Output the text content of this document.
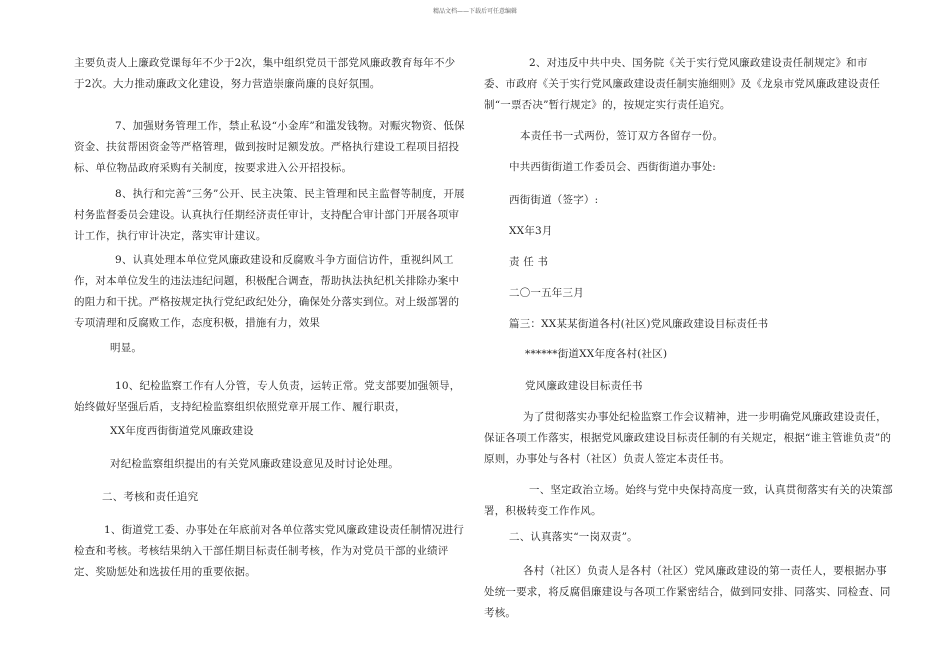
精品文档——下载后可任意编辑

主要负责人上廉政党课每年不少于2次，集中组织党员干部党风廉政教育每年不少于2次。大力推动廉政文化建设，努力营造崇廉尚廉的良好氛围。

7、加强财务管理工作，禁止私设“小金库”和滥发钱物。对赈灾物资、低保资金、扶贫帮困资金等严格管理，做到按时足额发放。严格执行建设工程项目招投标、单位物品政府采购有关制度，按要求进入公开招投标。

8、执行和完善“三务”公开、民主决策、民主管理和民主监督等制度，开展村务监督委员会建设。认真执行任期经济责任审计，支持配合审计部门开展各项审计工作，执行审计决定，落实审计建议。

9、认真处理本单位党风廉政建设和反腐败斗争方面信访件，重视纠风工作，对本单位发生的违法违纪问题，积极配合调查，帮助执法执纪机关排除办案中的阻力和干扰。严格按规定执行党纪政纪处分，确保处分落实到位。对上级部署的专项清理和反腐败工作，态度积极，措施有力，效果

明显。

10、纪检监察工作有人分管，专人负责，运转正常。党支部要加强领导，始终做好坚强后盾，支持纪检监察组织依照党章开展工作、履行职责，

XX年度西街街道党风廉政建设

对纪检监察组织提出的有关党风廉政建设意见及时讨论处理。

二、考核和责任追究

1、街道党工委、办事处在年底前对各单位落实党风廉政建设责任制情况进行检查和考核。考核结果纳入干部任期目标责任制考核，作为对党员干部的业绩评定、奖励惩处和选拔任用的重要依据。

2、对违反中共中央、国务院《关于实行党风廉政建设责任制规定》和市委、市政府《关于实行党风廉政建设责任制实施细则》及《龙泉市党风廉政建设责任制“一票否决”暂行规定》的，按规定实行责任追究。

本责任书一式两份，签订双方各留存一份。

中共西街街道工作委员会、西街街道办事处:

西街街道（签字）:

XX年3月

责 任 书

二〇一五年三月

篇三：XX某某街道各村(社区)党风廉政建设目标责任书

******街道XX年度各村(社区)

党风廉政建设目标责任书

为了贯彻落实办事处纪检监察工作会议精神，进一步明确党风廉政建设责任，保证各项工作落实，根据党风廉政建设目标责任制的有关规定，根据“谁主管谁负责”的原则，办事处与各村（社区）负责人签定本责任书。

一、坚定政治立场。始终与党中央保持高度一致，认真贯彻落实有关的决策部署，积极转变工作作风。

二、认真落实“一岗双责”。

各村（社区）负责人是各村（社区）党风廉政建设的第一责任人，要根据办事处统一要求，将反腐倡廉建设与各项工作紧密结合，做到同安排、同落实、同检查、同考核。
